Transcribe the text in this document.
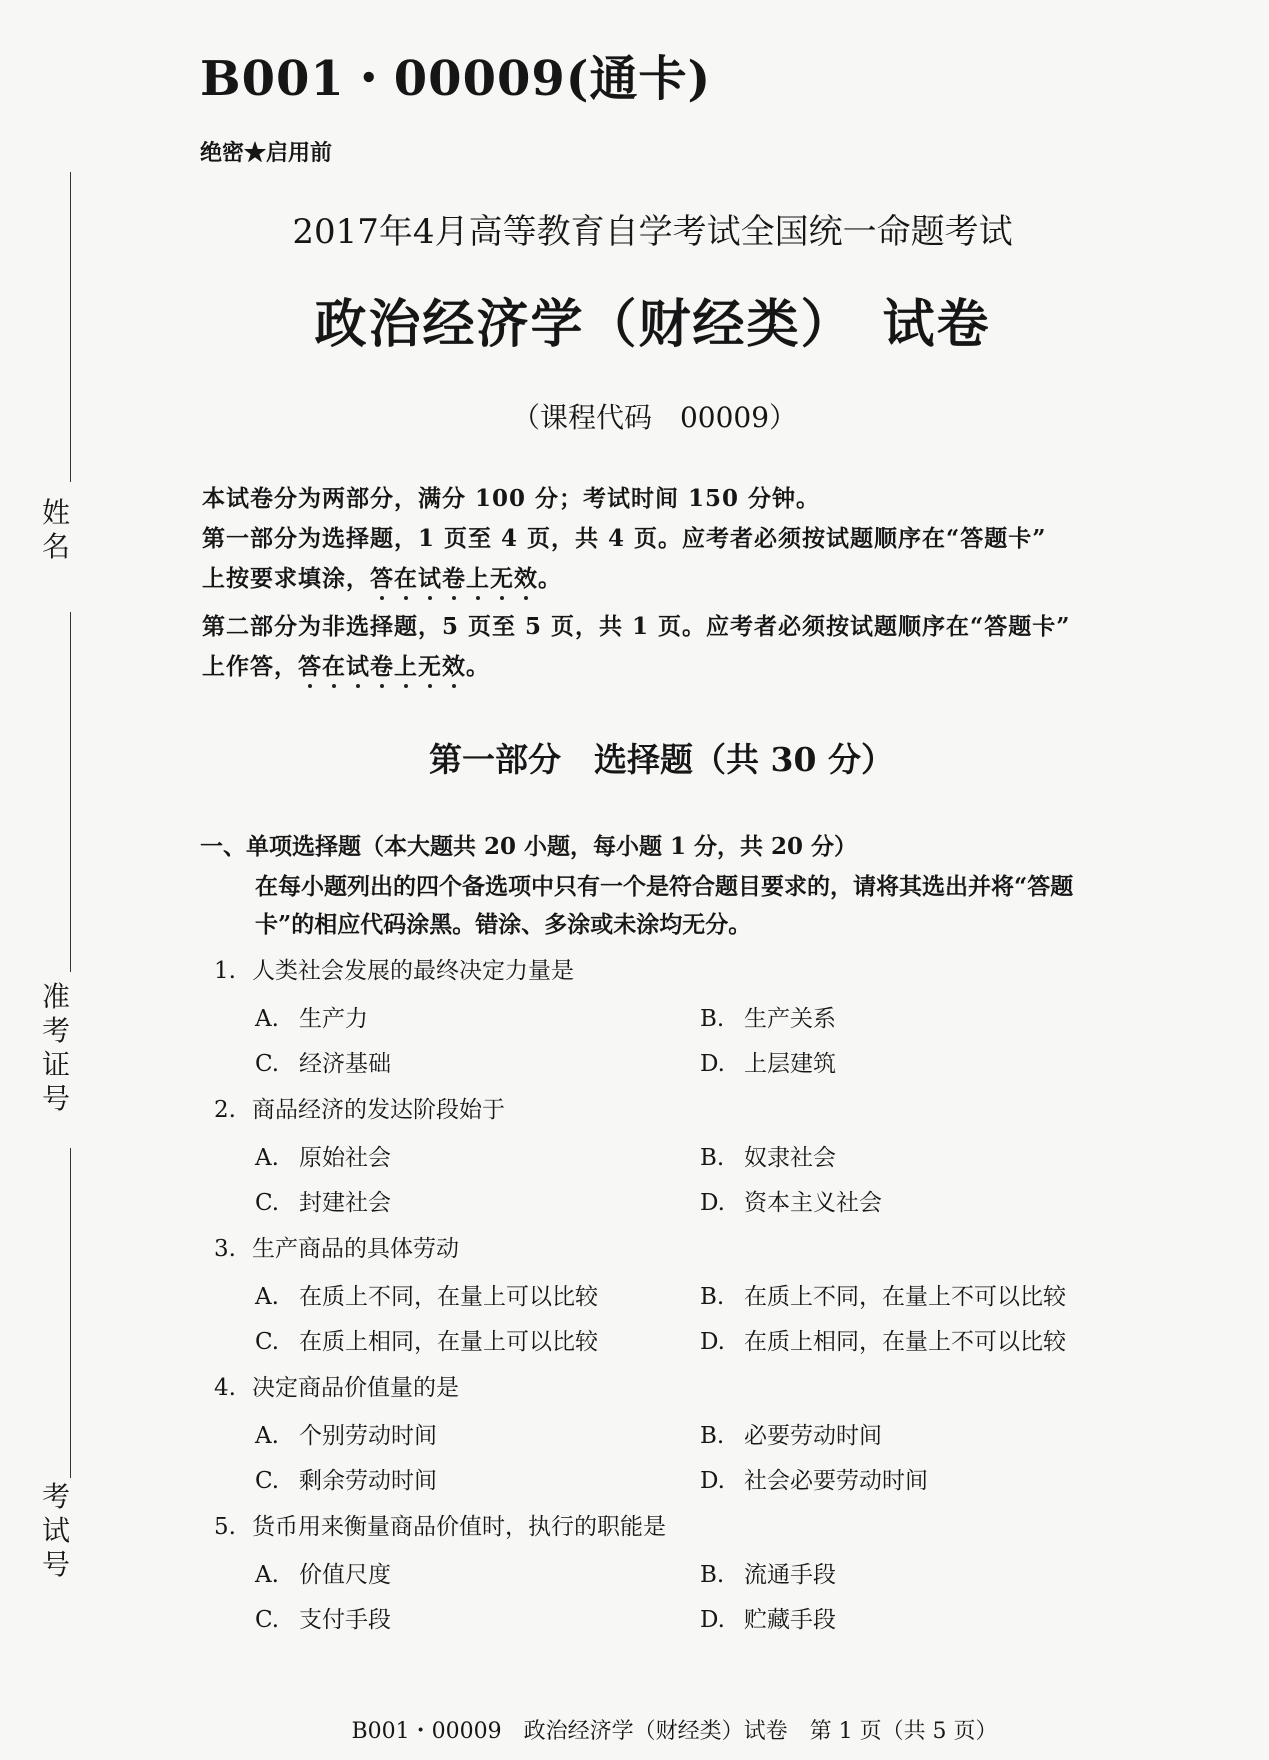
姓名
准考证号
考试号
B001・00009(通卡)
绝密★启用前
2017年4月高等教育自学考试全国统一命题考试
政治经济学（财经类）　试卷
（课程代码　00009）
本试卷分为两部分，满分 100 分；考试时间 150 分钟。
第一部分为选择题，1 页至 4 页，共 4 页。应考者必须按试题顺序在“答题卡”
上按要求填涂，答在试卷上无效。
第二部分为非选择题，5 页至 5 页，共 1 页。应考者必须按试题顺序在“答题卡”
上作答，答在试卷上无效。
第一部分　选择题（共 30 分）
一、单项选择题（本大题共 20 小题，每小题 1 分，共 20 分）
在每小题列出的四个备选项中只有一个是符合题目要求的，请将其选出并将“答题
卡”的相应代码涂黑。错涂、多涂或未涂均无分。
1. 人类社会发展的最终决定力量是
A. 生产力	B. 生产关系
C. 经济基础	D. 上层建筑
2. 商品经济的发达阶段始于
A. 原始社会	B. 奴隶社会
C. 封建社会	D. 资本主义社会
3. 生产商品的具体劳动
A. 在质上不同，在量上可以比较	B. 在质上不同，在量上不可以比较
C. 在质上相同，在量上可以比较	D. 在质上相同，在量上不可以比较
4. 决定商品价值量的是
A. 个别劳动时间	B. 必要劳动时间
C. 剩余劳动时间	D. 社会必要劳动时间
5. 货币用来衡量商品价值时，执行的职能是
A. 价值尺度	B. 流通手段
C. 支付手段	D. 贮藏手段
B001・00009　政治经济学（财经类）试卷　第 1 页（共 5 页）
